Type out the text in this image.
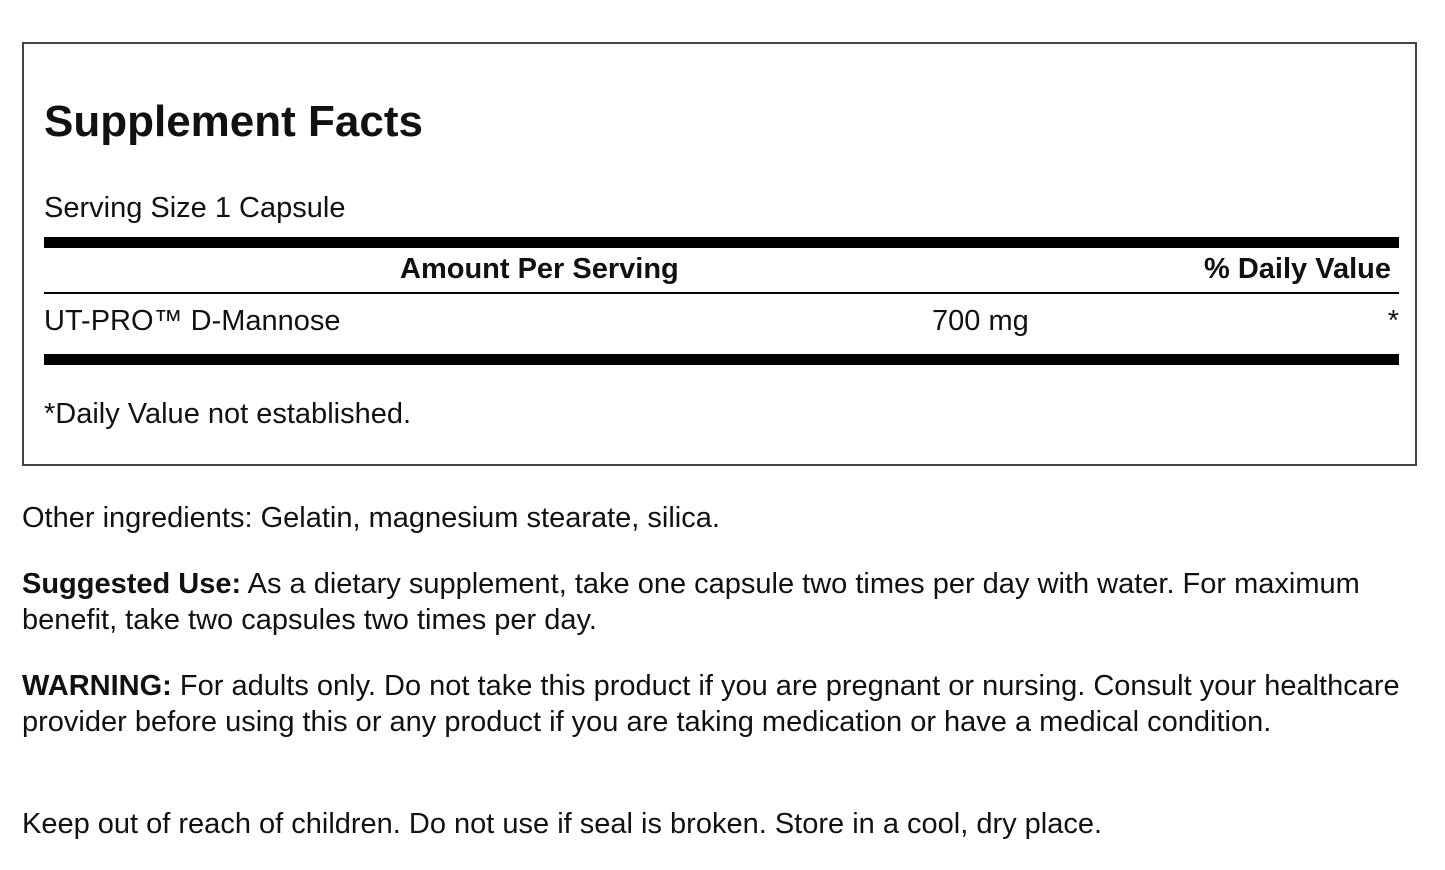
Supplement Facts
Serving Size 1 Capsule
Amount Per Serving	% Daily Value
UT-PRO™ D-Mannose	700 mg	*
*Daily Value not established.

Other ingredients: Gelatin, magnesium stearate, silica.

Suggested Use: As a dietary supplement, take one capsule two times per day with water. For maximum benefit, take two capsules two times per day.

WARNING: For adults only. Do not take this product if you are pregnant or nursing. Consult your healthcare provider before using this or any product if you are taking medication or have a medical condition.

Keep out of reach of children. Do not use if seal is broken. Store in a cool, dry place.
